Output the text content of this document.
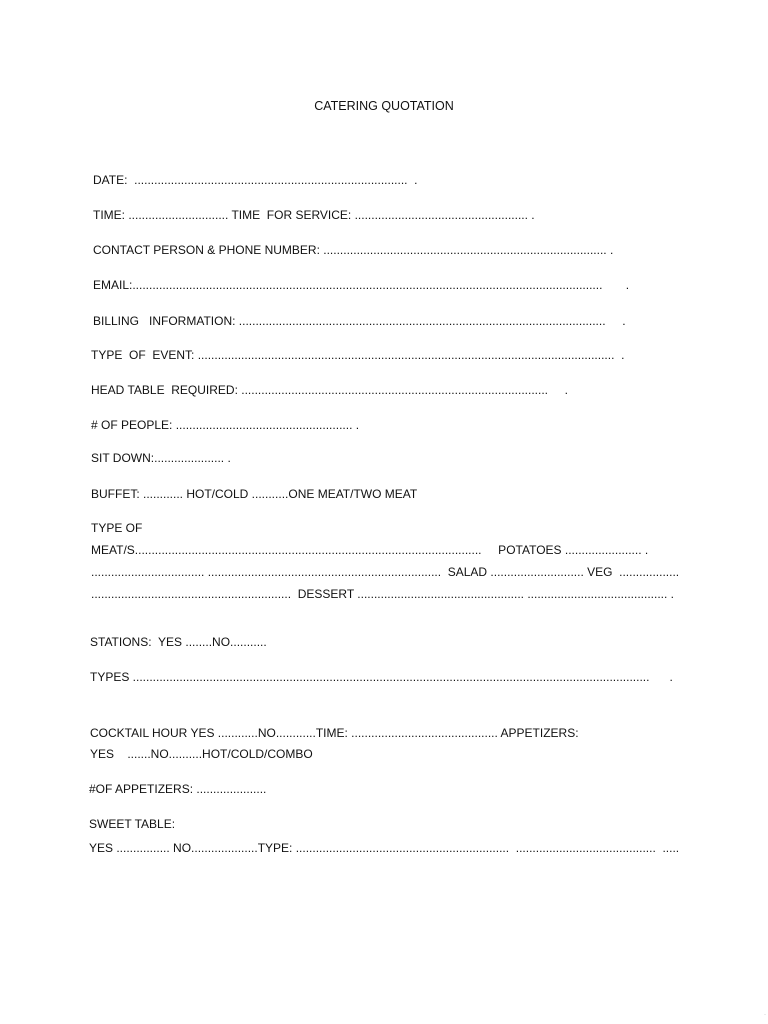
CATERING QUOTATION
DATE:  ..................................................................................  .
TIME: .............................. TIME  FOR SERVICE: .................................................... .
CONTACT PERSON & PHONE NUMBER: ..................................................................................... .
EMAIL:.............................................................................................................................................       .
BILLING   INFORMATION: ..............................................................................................................     .
TYPE  OF  EVENT: .............................................................................................................................  .
HEAD TABLE  REQUIRED: ............................................................................................     .
# OF PEOPLE: ..................................................... .
SIT DOWN:..................... .
BUFFET: ............ HOT/COLD ...........ONE MEAT/TWO MEAT
TYPE OF
MEAT/S........................................................................................................     POTATOES ....................... .
.................................. ......................................................................  SALAD ............................ VEG  ..................
............................................................  DESSERT .................................................. .......................................... .
STATIONS:  YES ........NO...........
TYPES ...........................................................................................................................................................      .
COCKTAIL HOUR YES ............NO............TIME: ............................................ APPETIZERS:
YES    .......NO..........HOT/COLD/COMBO
#OF APPETIZERS: .....................
SWEET TABLE:
YES ................ NO....................TYPE: ................................................................  ..........................................  .....
·
